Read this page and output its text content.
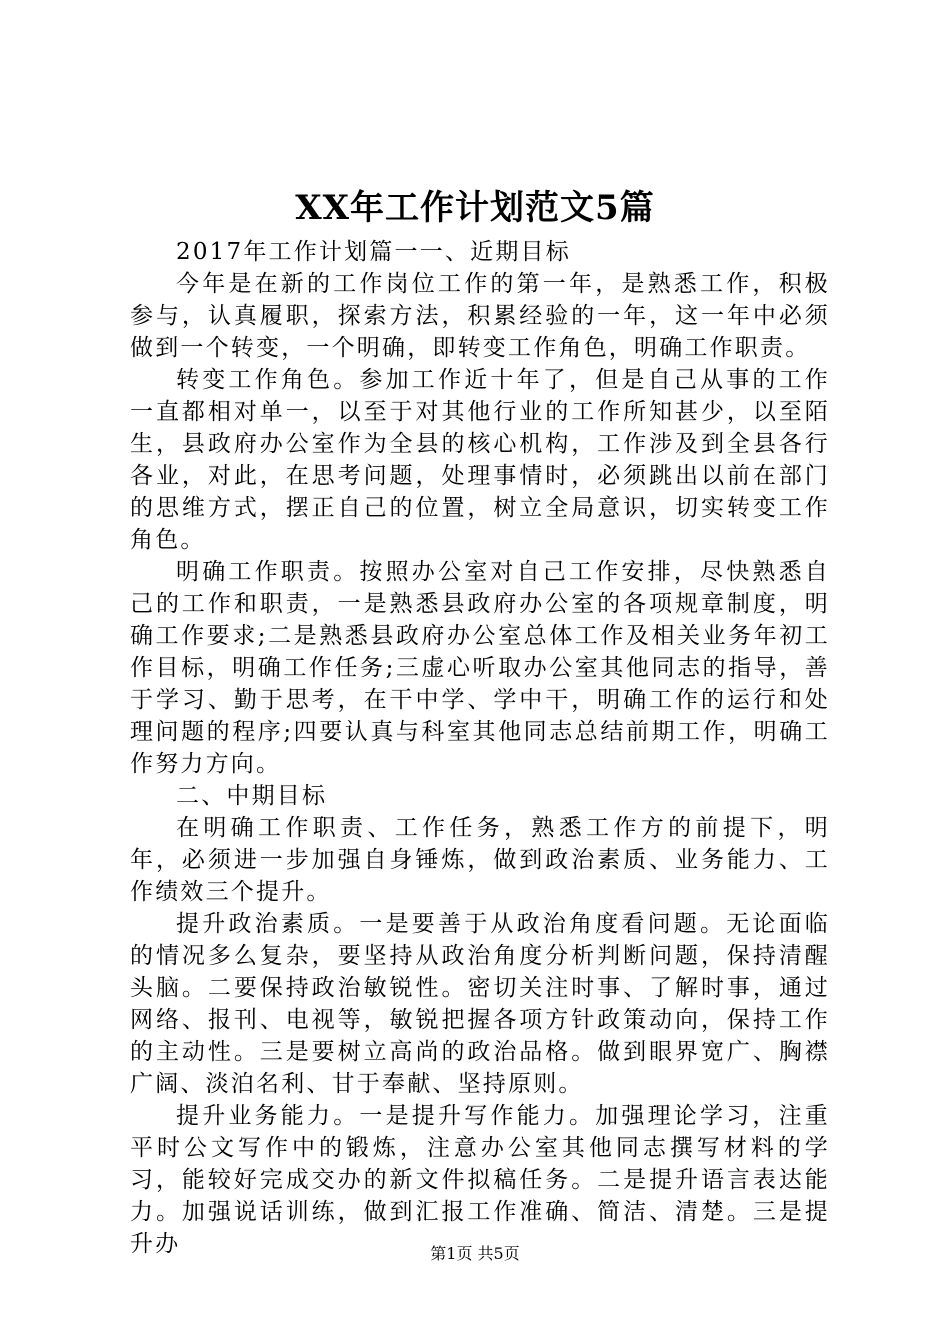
XX年工作计划范文5篇

2017年工作计划篇一一、近期目标

今年是在新的工作岗位工作的第一年，是熟悉工作，积极参与，认真履职，探索方法，积累经验的一年，这一年中必须做到一个转变，一个明确，即转变工作角色，明确工作职责。

转变工作角色。参加工作近十年了，但是自己从事的工作一直都相对单一，以至于对其他行业的工作所知甚少，以至陌生，县政府办公室作为全县的核心机构，工作涉及到全县各行各业，对此，在思考问题，处理事情时，必须跳出以前在部门的思维方式，摆正自己的位置，树立全局意识，切实转变工作角色。

明确工作职责。按照办公室对自己工作安排，尽快熟悉自己的工作和职责，一是熟悉县政府办公室的各项规章制度，明确工作要求;二是熟悉县政府办公室总体工作及相关业务年初工作目标，明确工作任务;三虚心听取办公室其他同志的指导，善于学习、勤于思考，在干中学、学中干，明确工作的运行和处理问题的程序;四要认真与科室其他同志总结前期工作，明确工作努力方向。

二、中期目标

在明确工作职责、工作任务，熟悉工作方的前提下，明年，必须进一步加强自身锤炼，做到政治素质、业务能力、工作绩效三个提升。

提升政治素质。一是要善于从政治角度看问题。无论面临的情况多么复杂，要坚持从政治角度分析判断问题，保持清醒头脑。二要保持政治敏锐性。密切关注时事、了解时事，通过网络、报刊、电视等，敏锐把握各项方针政策动向，保持工作的主动性。三是要树立高尚的政治品格。做到眼界宽广、胸襟广阔、淡泊名利、甘于奉献、坚持原则。

提升业务能力。一是提升写作能力。加强理论学习，注重平时公文写作中的锻炼，注意办公室其他同志撰写材料的学习，能较好完成交办的新文件拟稿任务。二是提升语言表达能力。加强说话训练，做到汇报工作准确、简洁、清楚。三是提升办	第1页 共5页
